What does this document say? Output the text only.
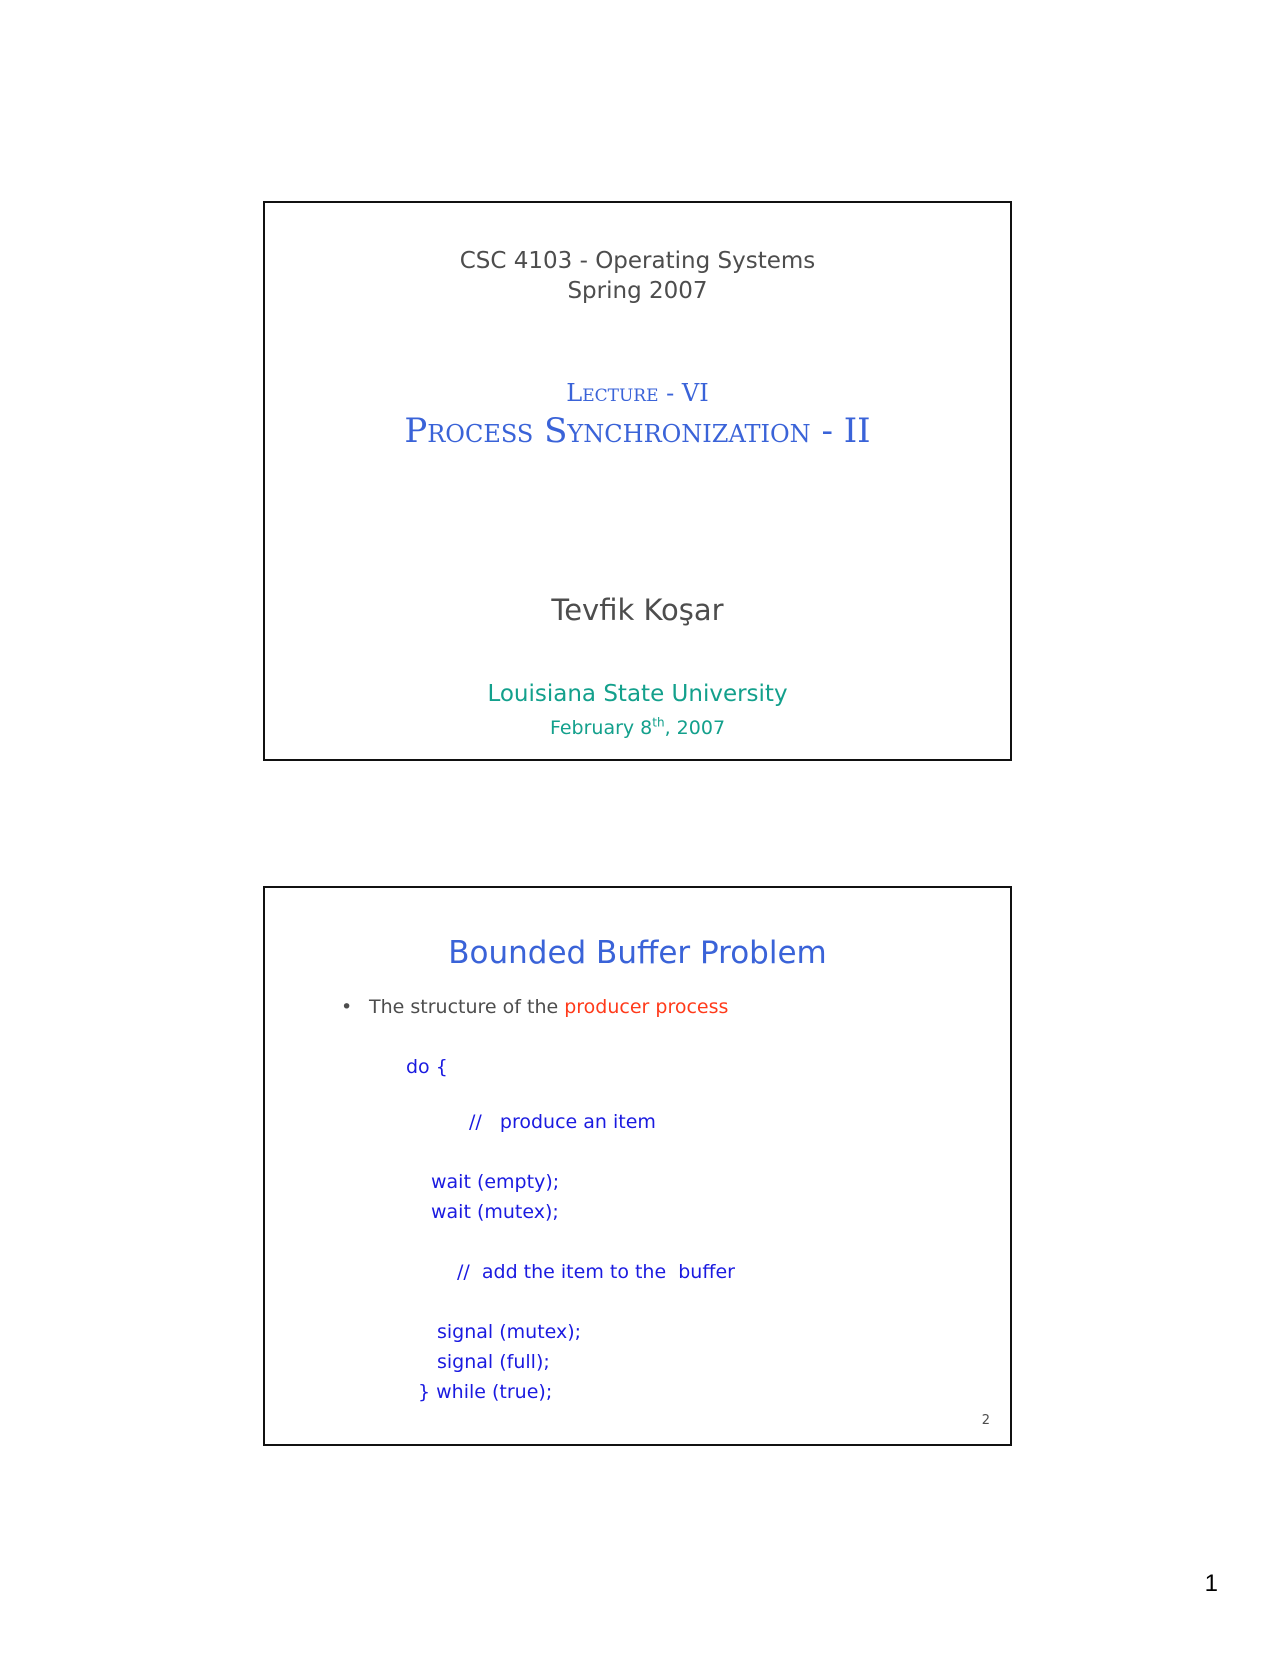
CSC 4103 - Operating Systems
Spring 2007
Lecture - VI
Process Synchronization - II
Tevfik Koşar
Louisiana State University
February 8th, 2007
Bounded Buffer Problem
• The structure of the producer process
do {
//   produce an item
wait (empty);
wait (mutex);
//  add the item to the  buffer
signal (mutex);
signal (full);
} while (true);
2
1
